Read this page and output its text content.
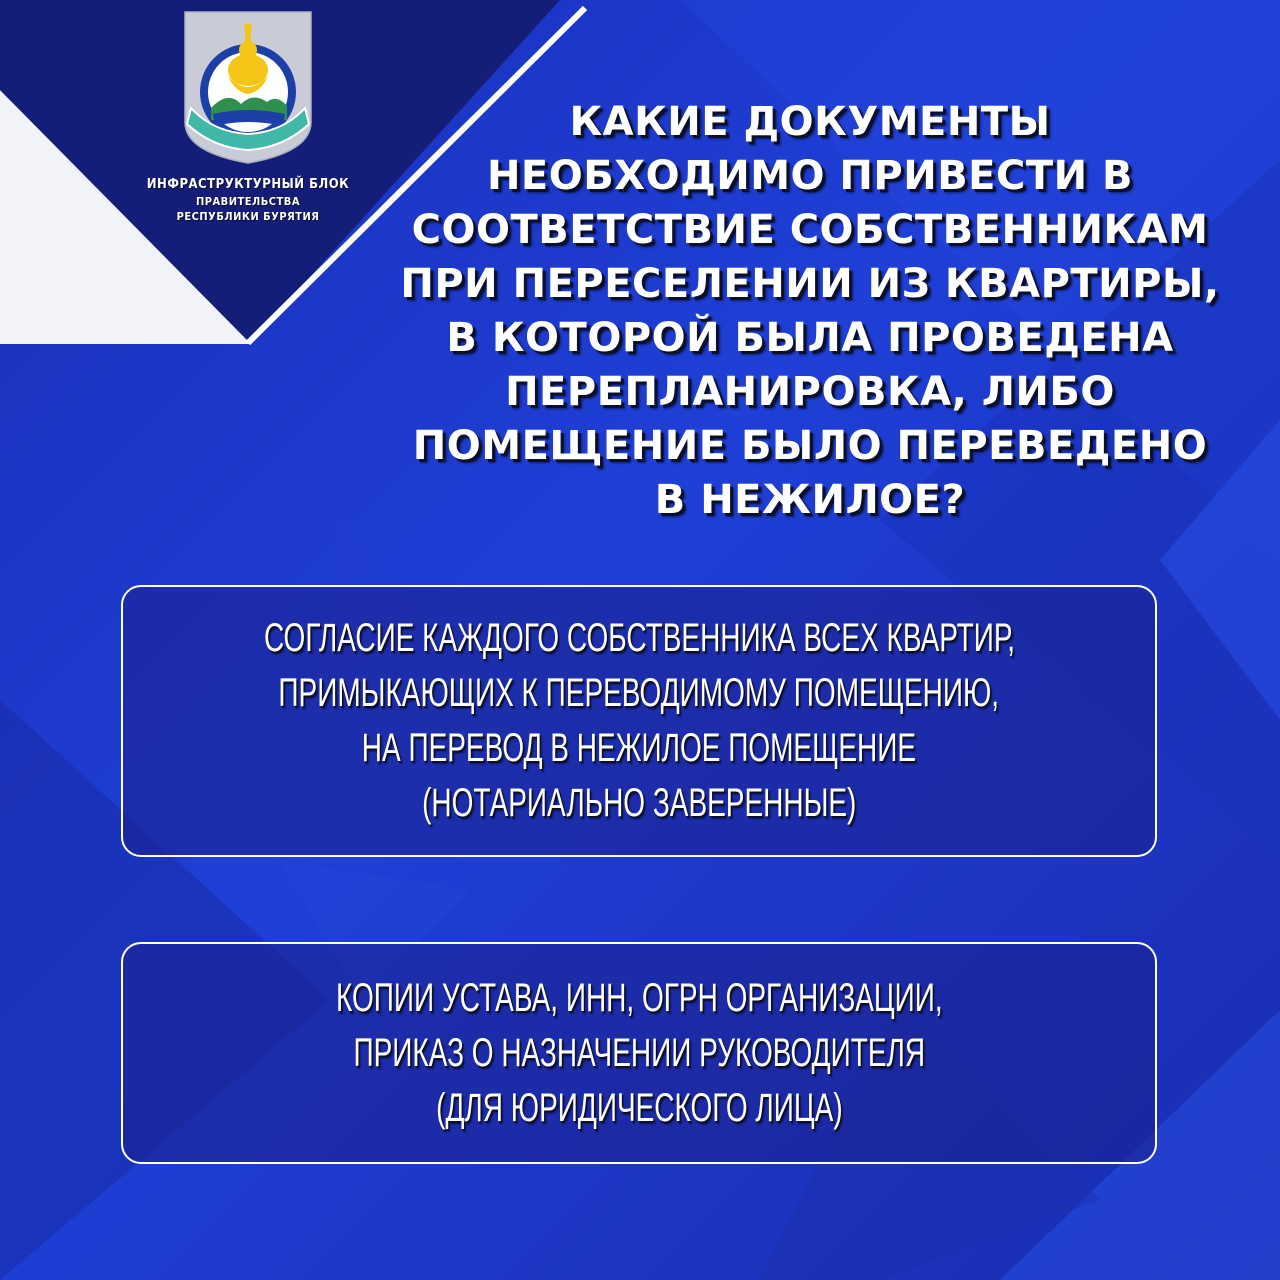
ИНФРАСТРУКТУРНЫЙ БЛОК
ПРАВИТЕЛЬСТВА
РЕСПУБЛИКИ БУРЯТИЯ
КАКИЕ ДОКУМЕНТЫ
НЕОБХОДИМО ПРИВЕСТИ В
СООТВЕТСТВИЕ СОБСТВЕННИКАМ
ПРИ ПЕРЕСЕЛЕНИИ ИЗ КВАРТИРЫ,
В КОТОРОЙ БЫЛА ПРОВЕДЕНА
ПЕРЕПЛАНИРОВКА, ЛИБО
ПОМЕЩЕНИЕ БЫЛО ПЕРЕВЕДЕНО
В НЕЖИЛОЕ?
СОГЛАСИЕ КАЖДОГО СОБСТВЕННИКА ВСЕХ КВАРТИР,
ПРИМЫКАЮЩИХ К ПЕРЕВОДИМОМУ ПОМЕЩЕНИЮ,
НА ПЕРЕВОД В НЕЖИЛОЕ ПОМЕЩЕНИЕ
(НОТАРИАЛЬНО ЗАВЕРЕННЫЕ)
КОПИИ УСТАВА, ИНН, ОГРН ОРГАНИЗАЦИИ,
ПРИКАЗ О НАЗНАЧЕНИИ РУКОВОДИТЕЛЯ
(ДЛЯ ЮРИДИЧЕСКОГО ЛИЦА)
